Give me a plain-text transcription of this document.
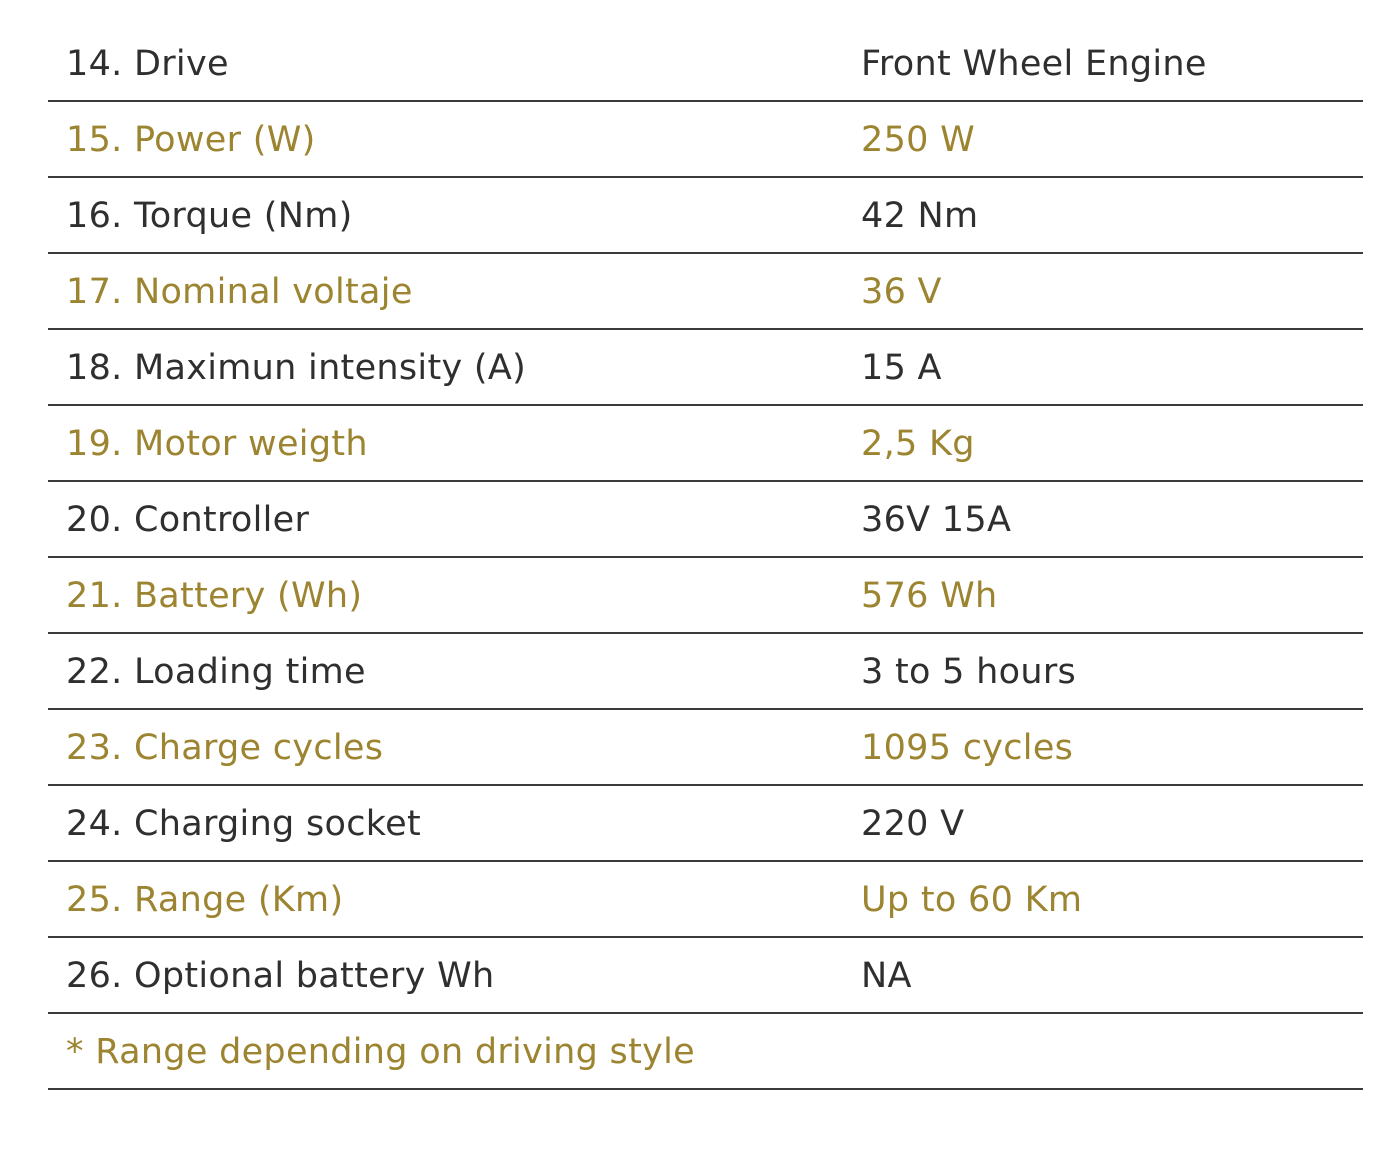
14. Drive	Front Wheel Engine
15. Power (W)	250 W
16. Torque (Nm)	42 Nm
17. Nominal voltaje	36 V
18. Maximun intensity (A)	15 A
19. Motor weigth	2,5 Kg
20. Controller	36V 15A
21. Battery (Wh)	576 Wh
22. Loading time	3 to 5 hours
23. Charge cycles	1095 cycles
24. Charging socket	220 V
25. Range (Km)	Up to 60 Km
26. Optional battery Wh	NA
* Range depending on driving style
